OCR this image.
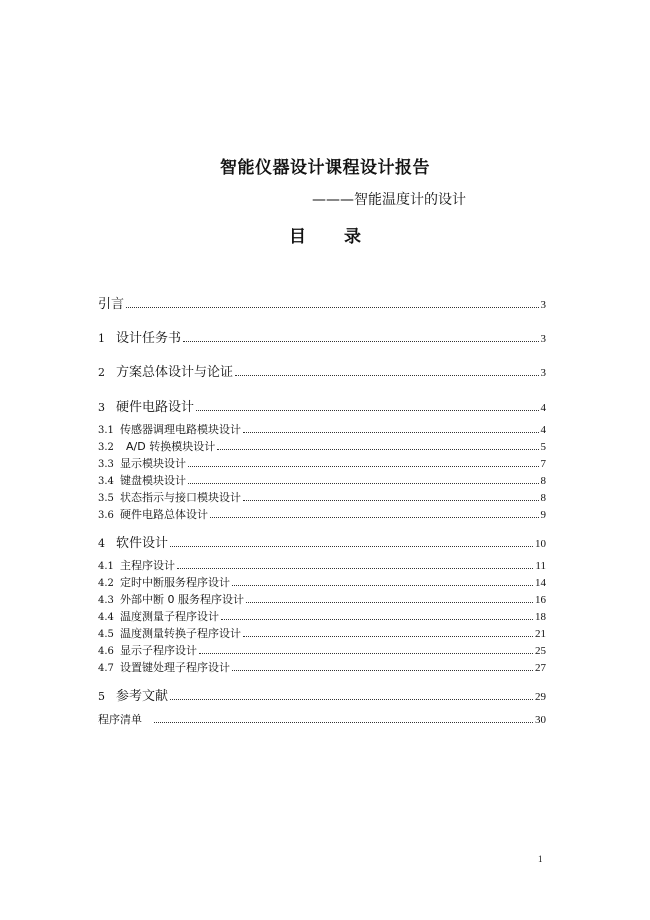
智能仪器设计课程设计报告
———智能温度计的设计
目 录
引言	3
1 设计任务书	3
2 方案总体设计与论证	3
3 硬件电路设计	4
3.1 传感器调理电路模块设计	4
3.2	A/D 转换模块设计	5
3.3 显示模块设计	7
3.4 键盘模块设计	8
3.5 状态指示与接口模块设计	8
3.6 硬件电路总体设计	9
4 软件设计	10
4.1 主程序设计	11
4.2 定时中断服务程序设计	14
4.3 外部中断 0 服务程序设计	16
4.4 温度测量子程序设计	18
4.5 温度测量转换子程序设计	21
4.6 显示子程序设计	25
4.7 设置键处理子程序设计	27
5 参考文献	29
程序清单	30
1
